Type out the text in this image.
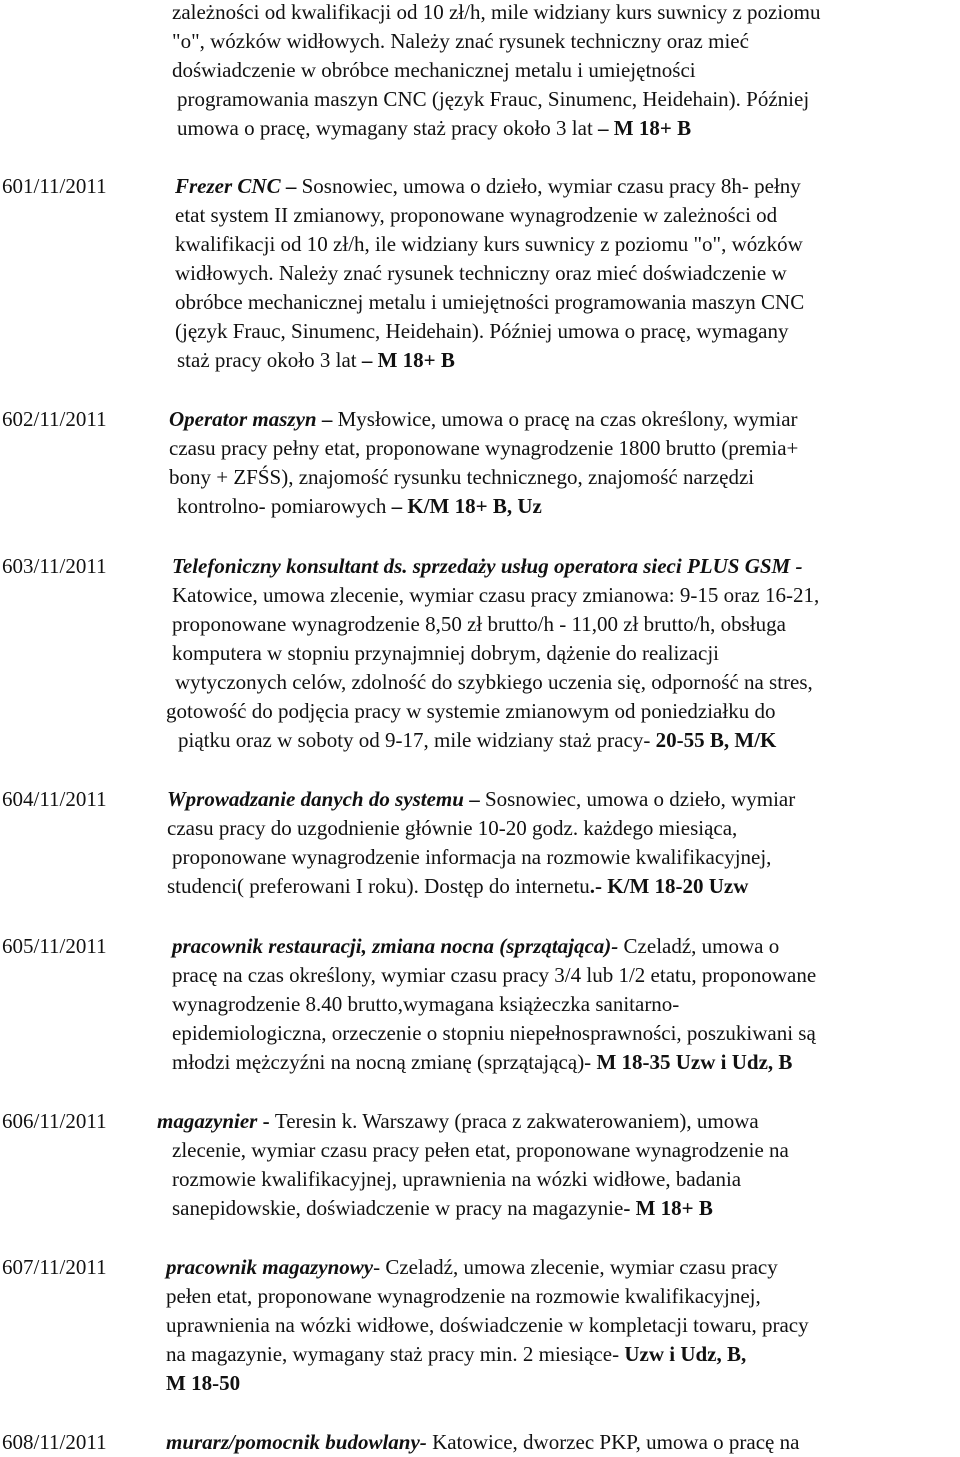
zależności od kwalifikacji od 10 zł/h, mile widziany kurs suwnicy z poziomu
"o", wózków widłowych. Należy znać rysunek techniczny oraz mieć
doświadczenie w obróbce mechanicznej metalu i umiejętności
programowania maszyn CNC (język Frauc, Sinumenc, Heidehain). Później
umowa o pracę, wymagany staż pracy około 3 lat – M 18+ B
601/11/2011	Frezer CNC – Sosnowiec, umowa o dzieło, wymiar czasu pracy 8h- pełny
etat system II zmianowy, proponowane wynagrodzenie w zależności od
kwalifikacji od 10 zł/h, ile widziany kurs suwnicy z poziomu "o", wózków
widłowych. Należy znać rysunek techniczny oraz mieć doświadczenie w
obróbce mechanicznej metalu i umiejętności programowania maszyn CNC
(język Frauc, Sinumenc, Heidehain). Później umowa o pracę, wymagany
staż pracy około 3 lat – M 18+ B
602/11/2011	Operator maszyn – Mysłowice, umowa o pracę na czas określony, wymiar
czasu pracy pełny etat, proponowane wynagrodzenie 1800 brutto (premia+
bony + ZFŚS), znajomość rysunku technicznego, znajomość narzędzi
kontrolno- pomiarowych – K/M 18+ B, Uz
603/11/2011	Telefoniczny konsultant ds. sprzedaży usług operatora sieci PLUS GSM -
Katowice, umowa zlecenie, wymiar czasu pracy zmianowa: 9-15 oraz 16-21,
proponowane wynagrodzenie 8,50 zł brutto/h - 11,00 zł brutto/h, obsługa
komputera w stopniu przynajmniej dobrym, dążenie do realizacji
wytyczonych celów, zdolność do szybkiego uczenia się, odporność na stres,
gotowość do podjęcia pracy w systemie zmianowym od poniedziałku do
piątku oraz w soboty od 9-17, mile widziany staż pracy- 20-55 B, M/K
604/11/2011	Wprowadzanie danych do systemu – Sosnowiec, umowa o dzieło, wymiar
czasu pracy do uzgodnienie głównie 10-20 godz. każdego miesiąca,
proponowane wynagrodzenie informacja na rozmowie kwalifikacyjnej,
studenci( preferowani I roku). Dostęp do internetu.- K/M 18-20 Uzw
605/11/2011	pracownik restauracji, zmiana nocna (sprzątająca)- Czeladź, umowa o
pracę na czas określony, wymiar czasu pracy 3/4 lub 1/2 etatu, proponowane
wynagrodzenie 8.40 brutto,wymagana książeczka sanitarno-
epidemiologiczna, orzeczenie o stopniu niepełnosprawności, poszukiwani są
młodzi mężczyźni na nocną zmianę (sprzątającą)- M 18-35 Uzw i Udz, B
606/11/2011 magazynier - Teresin k. Warszawy (praca z zakwaterowaniem), umowa
zlecenie, wymiar czasu pracy pełen etat, proponowane wynagrodzenie na
rozmowie kwalifikacyjnej, uprawnienia na wózki widłowe, badania
sanepidowskie, doświadczenie w pracy na magazynie- M 18+ B
607/11/2011	pracownik magazynowy- Czeladź, umowa zlecenie, wymiar czasu pracy
pełen etat, proponowane wynagrodzenie na rozmowie kwalifikacyjnej,
uprawnienia na wózki widłowe, doświadczenie w kompletacji towaru, pracy
na magazynie, wymagany staż pracy min. 2 miesiące- Uzw i Udz, B,
M 18-50
608/11/2011	murarz/pomocnik budowlany- Katowice, dworzec PKP, umowa o pracę na
